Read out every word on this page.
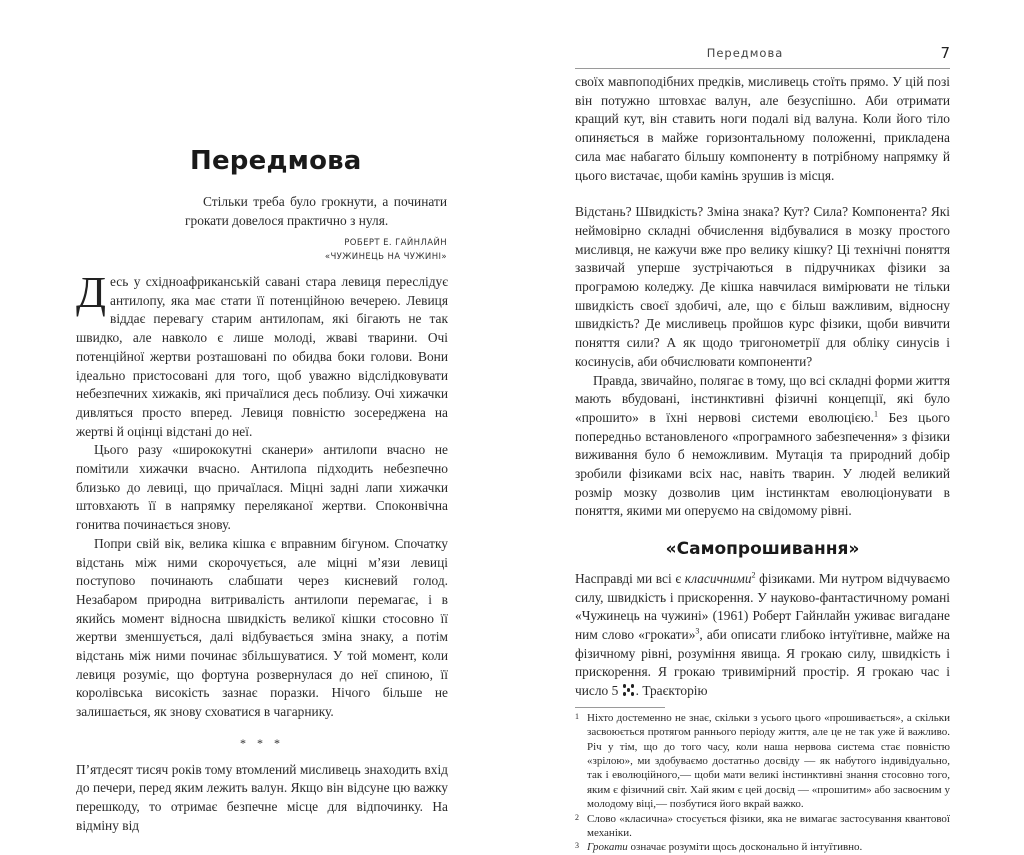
Передмова

Стільки треба було грокнути, а починати грокати довелося практично з нуля.

РОБЕРТ Е. ГАЙНЛАЙН
«ЧУЖИНЕЦЬ НА ЧУЖИНІ»

Десь у східноафриканській савані стара левиця переслідує антилопу, яка має стати її потенційною вечерею. Левиця віддає перевагу старим антилопам, які бігають не так швидко, але навколо є лише молоді, жваві тварини. Очі потенційної жертви розташовані по обидва боки голови. Вони ідеально пристосовані для того, щоб уважно відслідковувати небезпечних хижаків, які причаїлися десь поблизу. Очі хижачки дивляться просто вперед. Левиця повністю зосереджена на жертві й оцінці відстані до неї.

Цього разу «ширококутні сканери» антилопи вчасно не помітили хижачки вчасно. Антилопа підходить небезпечно близько до левиці, що причаїлася. Міцні задні лапи хижачки штовхають її в напрямку переляканої жертви. Споконвічна гонитва починається знову.

Попри свій вік, велика кішка є вправним бігуном. Спочатку відстань між ними скорочується, але міцні м’язи левиці поступово починають слабшати через кисневий голод. Незабаром природна витривалість антилопи перемагає, і в якийсь момент відносна швидкість великої кішки стосовно її жертви зменшується, далі відбувається зміна знаку, а потім відстань між ними починає збільшуватися. У той момент, коли левиця розуміє, що фортуна розвернулася до неї спиною, її королівська високість зазнає поразки. Нічого більше не залишається, як знову сховатися в чагарнику.

* * *

П’ятдесят тисяч років тому втомлений мисливець знаходить вхід до печери, перед яким лежить валун. Якщо він відсуне цю важку перешкоду, то отримає безпечне місце для відпочинку. На відміну від

Передмова	7

своїх мавпоподібних предків, мисливець стоїть прямо. У цій позі він потужно штовхає валун, але безуспішно. Аби отримати кращий кут, він ставить ноги подалі від валуна. Коли його тіло опиняється в майже горизонтальному положенні, прикладена сила має набагато більшу компоненту в потрібному напрямку й цього вистачає, щоби камінь зрушив із місця.

Відстань? Швидкість? Зміна знака? Кут? Сила? Компонента? Які неймовірно складні обчислення відбувалися в мозку простого мисливця, не кажучи вже про велику кішку? Ці технічні поняття зазвичай уперше зустрічаються в підручниках фізики за програмою коледжу. Де кішка навчилася вимірювати не тільки швидкість своєї здобичі, але, що є більш важливим, відносну швидкість? Де мисливець пройшов курс фізики, щоби вивчити поняття сили? А як щодо тригонометрії для обліку синусів і косинусів, аби обчислювати компоненти?

Правда, звичайно, полягає в тому, що всі складні форми життя мають вбудовані, інстинктивні фізичні концепції, які було «прошито» в їхні нервові системи еволюцією.$^1$ Без цього попередньо встановленого «програмного забезпечення» з фізики виживання було б неможливим. Мутація та природний добір зробили фізиками всіх нас, навіть тварин. У людей великий розмір мозку дозволив цим інстинктам еволюціонувати в поняття, якими ми оперуємо на свідомому рівні.

«Самопрошивання»

Насправді ми всі є класичними$^2$ фізиками. Ми нутром відчуваємо силу, швидкість і прискорення. У науково-фантастичному романі «Чужинець на чужині» (1961) Роберт Гайнлайн уживає вигадане ним слово «грокати»$^3$, аби описати глибоко інтуїтивне, майже на фізичному рівні, розуміння явища. Я грокаю силу, швидкість і прискорення. Я грокаю тривимірний простір. Я грокаю час і число 5
. Траєкторію

1 Ніхто достеменно не знає, скільки з усього цього «прошивається», а скільки засвоюється протягом раннього періоду життя, але це не так уже й важливо. Річ у тім, що до того часу, коли наша нервова система стає повністю «зрілою», ми здобуваємо достатньо досвіду — як набутого індивідуально, так і еволюційного,— щоби мати великі інстинктивні знання стосовно того, яким є фізичний світ. Хай яким є цей досвід — «прошитим» або засвоєним у молодому віці,— позбутися його вкрай важко.
2 Слово «класична» стосується фізики, яка не вимагає застосування квантової механіки.
3 Грокати означає розуміти щось досконально й інтуїтивно.
